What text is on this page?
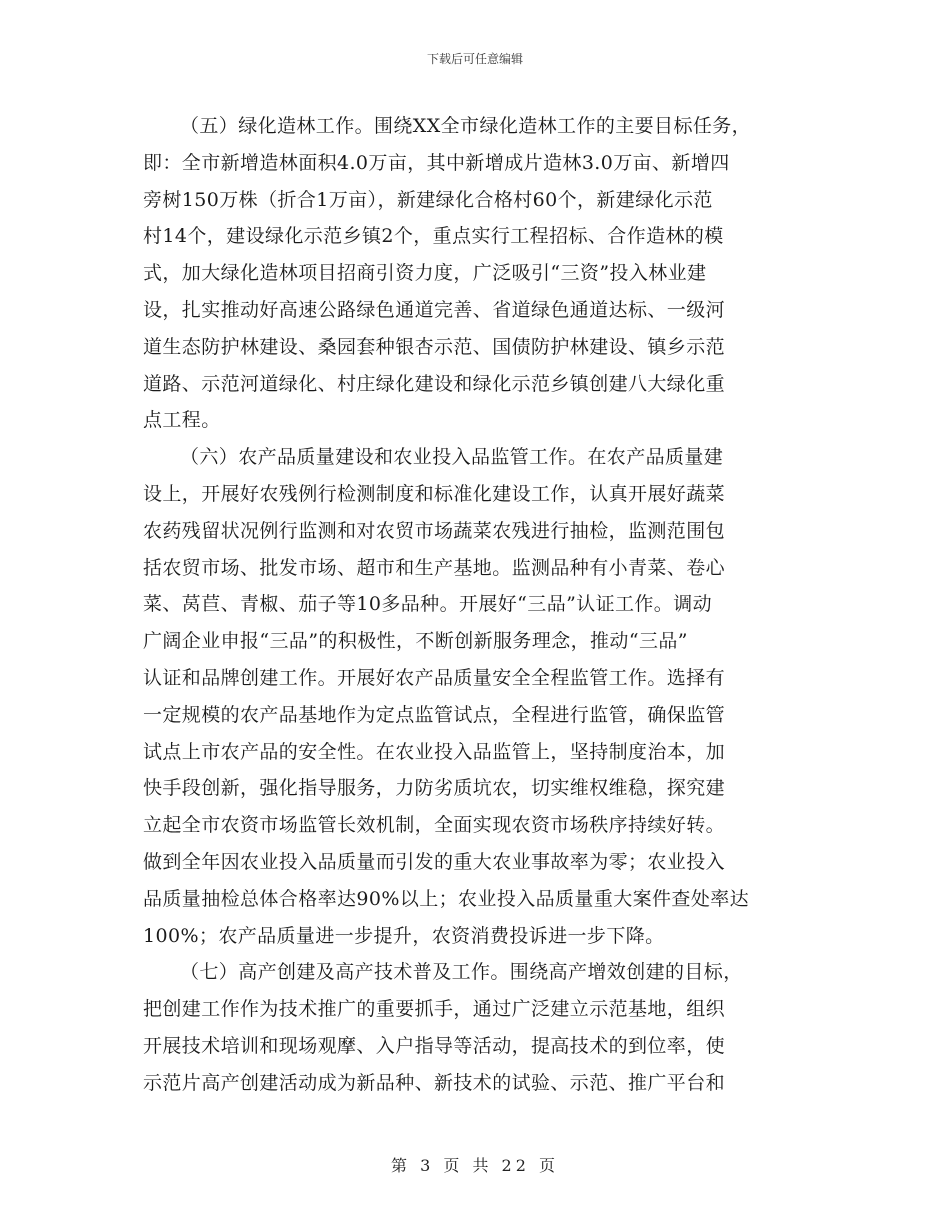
下载后可任意编辑
（五）绿化造林工作。围绕XX全市绿化造林工作的主要目标任务，
即：全市新增造林面积4.0万亩，其中新增成片造林3.0万亩、新增四
旁树150万株（折合1万亩），新建绿化合格村60个，新建绿化示范
村14个，建设绿化示范乡镇2个，重点实行工程招标、合作造林的模
式，加大绿化造林项目招商引资力度，广泛吸引“三资”投入林业建
设，扎实推动好高速公路绿色通道完善、省道绿色通道达标、一级河
道生态防护林建设、桑园套种银杏示范、国债防护林建设、镇乡示范
道路、示范河道绿化、村庄绿化建设和绿化示范乡镇创建八大绿化重
点工程。
（六）农产品质量建设和农业投入品监管工作。在农产品质量建
设上，开展好农残例行检测制度和标准化建设工作，认真开展好蔬菜
农药残留状况例行监测和对农贸市场蔬菜农残进行抽检，监测范围包
括农贸市场、批发市场、超市和生产基地。监测品种有小青菜、卷心
菜、莴苣、青椒、茄子等10多品种。开展好“三品”认证工作。调动
广阔企业申报“三品”的积极性，不断创新服务理念，推动“三品”
认证和品牌创建工作。开展好农产品质量安全全程监管工作。选择有
一定规模的农产品基地作为定点监管试点，全程进行监管，确保监管
试点上市农产品的安全性。在农业投入品监管上，坚持制度治本，加
快手段创新，强化指导服务，力防劣质坑农，切实维权维稳，探究建
立起全市农资市场监管长效机制，全面实现农资市场秩序持续好转。
做到全年因农业投入品质量而引发的重大农业事故率为零；农业投入
品质量抽检总体合格率达90%以上；农业投入品质量重大案件查处率达
100%；农产品质量进一步提升，农资消费投诉进一步下降。
（七）高产创建及高产技术普及工作。围绕高产增效创建的目标，
把创建工作作为技术推广的重要抓手，通过广泛建立示范基地，组织
开展技术培训和现场观摩、入户指导等活动，提高技术的到位率，使
示范片高产创建活动成为新品种、新技术的试验、示范、推广平台和
第 3 页 共 22 页
